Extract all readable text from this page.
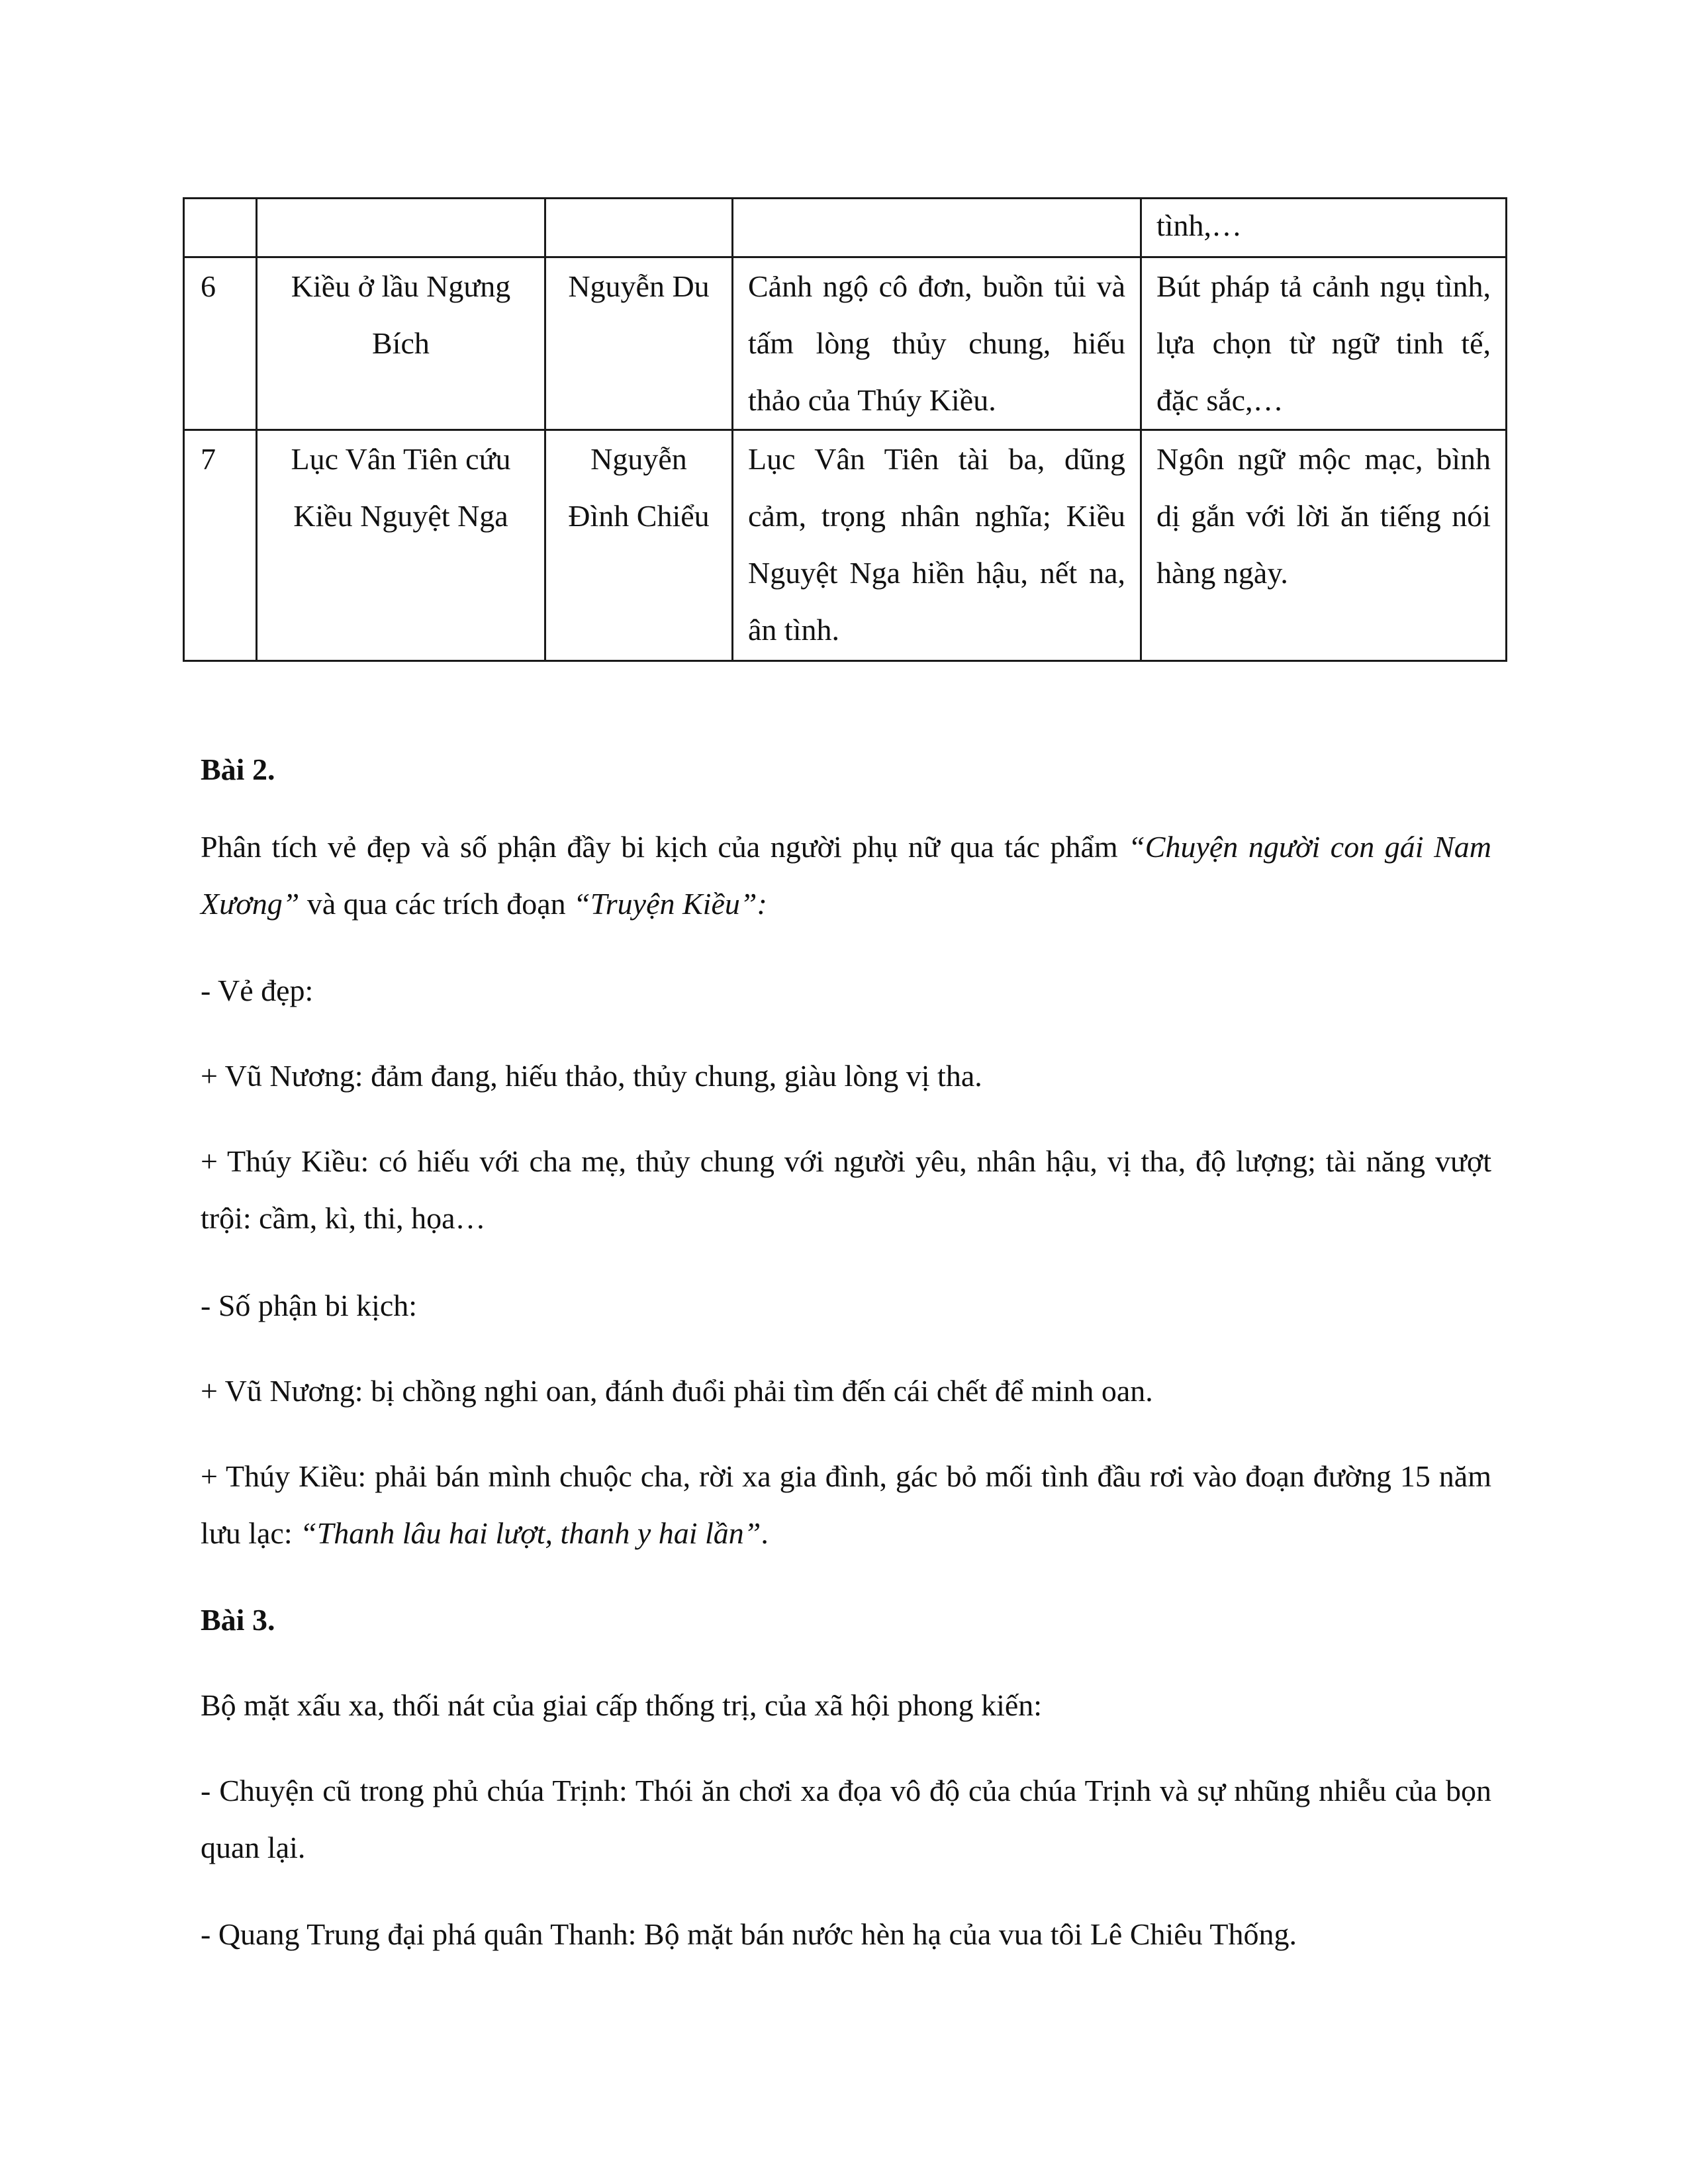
				tình,…
6	Kiều ở lầu Ngưng Bích	Nguyễn Du	Cảnh ngộ cô đơn, buồn tủi và tấm lòng thủy chung, hiếu thảo của Thúy Kiều.	Bút pháp tả cảnh ngụ tình, lựa chọn từ ngữ tinh tế, đặc sắc,…
7	Lục Vân Tiên cứu Kiều Nguyệt Nga	Nguyễn Đình Chiểu	Lục Vân Tiên tài ba, dũng cảm, trọng nhân nghĩa; Kiều Nguyệt Nga hiền hậu, nết na, ân tình.	Ngôn ngữ mộc mạc, bình dị gắn với lời ăn tiếng nói hàng ngày.

Bài 2.

Phân tích vẻ đẹp và số phận đầy bi kịch của người phụ nữ qua tác phẩm “Chuyện người con gái Nam Xương” và qua các trích đoạn “Truyện Kiều”:

- Vẻ đẹp:

+ Vũ Nương: đảm đang, hiếu thảo, thủy chung, giàu lòng vị tha.

+ Thúy Kiều: có hiếu với cha mẹ, thủy chung với người yêu, nhân hậu, vị tha, độ lượng; tài năng vượt trội: cầm, kì, thi, họa…

- Số phận bi kịch:

+ Vũ Nương: bị chồng nghi oan, đánh đuổi phải tìm đến cái chết để minh oan.

+ Thúy Kiều: phải bán mình chuộc cha, rời xa gia đình, gác bỏ mối tình đầu rơi vào đoạn đường 15 năm lưu lạc: “Thanh lâu hai lượt, thanh y hai lần”.

Bài 3.

Bộ mặt xấu xa, thối nát của giai cấp thống trị, của xã hội phong kiến:

- Chuyện cũ trong phủ chúa Trịnh: Thói ăn chơi xa đọa vô độ của chúa Trịnh và sự nhũng nhiễu của bọn quan lại.

- Quang Trung đại phá quân Thanh: Bộ mặt bán nước hèn hạ của vua tôi Lê Chiêu Thống.
